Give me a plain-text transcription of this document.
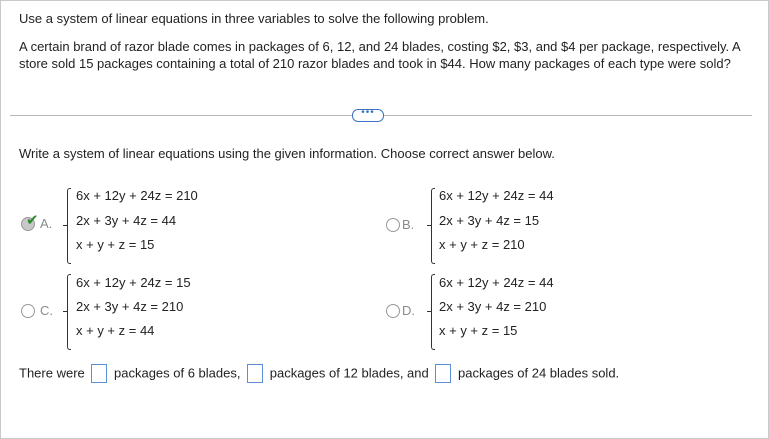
Use a system of linear equations in three variables to solve the following problem.
A certain brand of razor blade comes in packages of 6, 12, and 24 blades, costing $2, $3, and $4 per package, respectively. A store sold 15 packages containing a total of 210 razor blades and took in $44. How many packages of each type were sold?
•••
Write a system of linear equations using the given information. Choose correct answer below.
✔ A.
6x + 12y + 24z = 210
2x + 3y + 4z = 44
x + y + z = 15
B.
6x + 12y + 24z = 44
2x + 3y + 4z = 15
x + y + z = 210
C.
6x + 12y + 24z = 15
2x + 3y + 4z = 210
x + y + z = 44
D.
6x + 12y + 24z = 44
2x + 3y + 4z = 210
x + y + z = 15
There were packages of 6 blades, packages of 12 blades, and packages of 24 blades sold.
